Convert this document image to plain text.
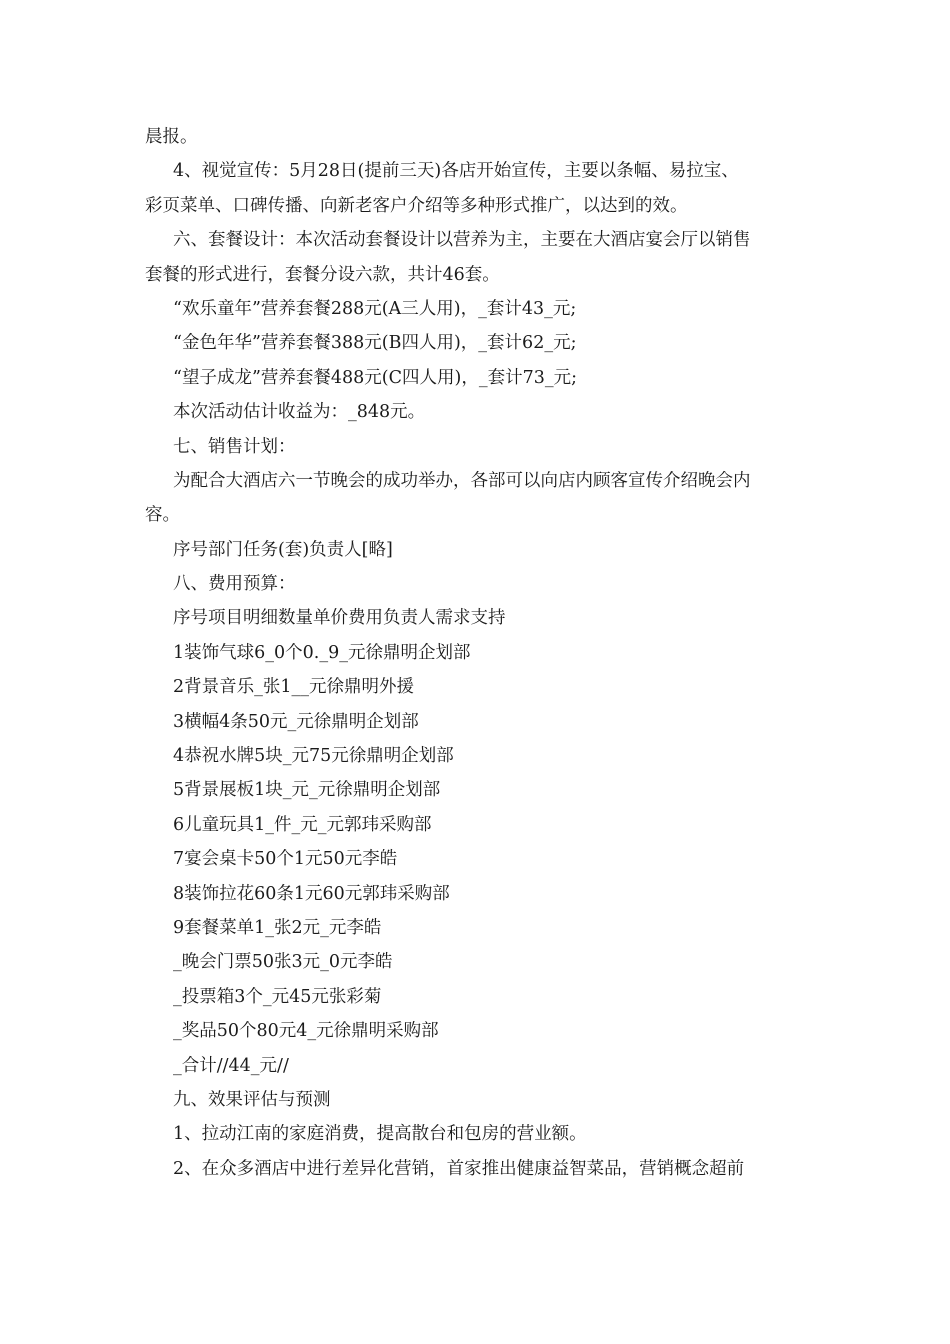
晨报。
4、视觉宣传：5月28日(提前三天)各店开始宣传，主要以条幅、易拉宝、
彩页菜单、口碑传播、向新老客户介绍等多种形式推广，以达到的效。
六、套餐设计：本次活动套餐设计以营养为主，主要在大酒店宴会厅以销售
套餐的形式进行，套餐分设六款，共计46套。
“欢乐童年”营养套餐288元(A三人用)，_套计43_元;
“金色年华”营养套餐388元(B四人用)，_套计62_元;
“望子成龙”营养套餐488元(C四人用)，_套计73_元;
本次活动估计收益为：_848元。
七、销售计划：
为配合大酒店六一节晚会的成功举办，各部可以向店内顾客宣传介绍晚会内
容。
序号部门任务(套)负责人[略]
八、费用预算：
序号项目明细数量单价费用负责人需求支持
1装饰气球6_0个0._9_元徐鼎明企划部
2背景音乐_张1__元徐鼎明外援
3横幅4条50元_元徐鼎明企划部
4恭祝水牌5块_元75元徐鼎明企划部
5背景展板1块_元_元徐鼎明企划部
6儿童玩具1_件_元_元郭玮采购部
7宴会桌卡50个1元50元李皓
8装饰拉花60条1元60元郭玮采购部
9套餐菜单1_张2元_元李皓
_晚会门票50张3元_0元李皓
_投票箱3个_元45元张彩菊
_奖品50个80元4_元徐鼎明采购部
_合计//44_元//
九、效果评估与预测
1、拉动江南的家庭消费，提高散台和包房的营业额。
2、在众多酒店中进行差异化营销，首家推出健康益智菜品，营销概念超前
